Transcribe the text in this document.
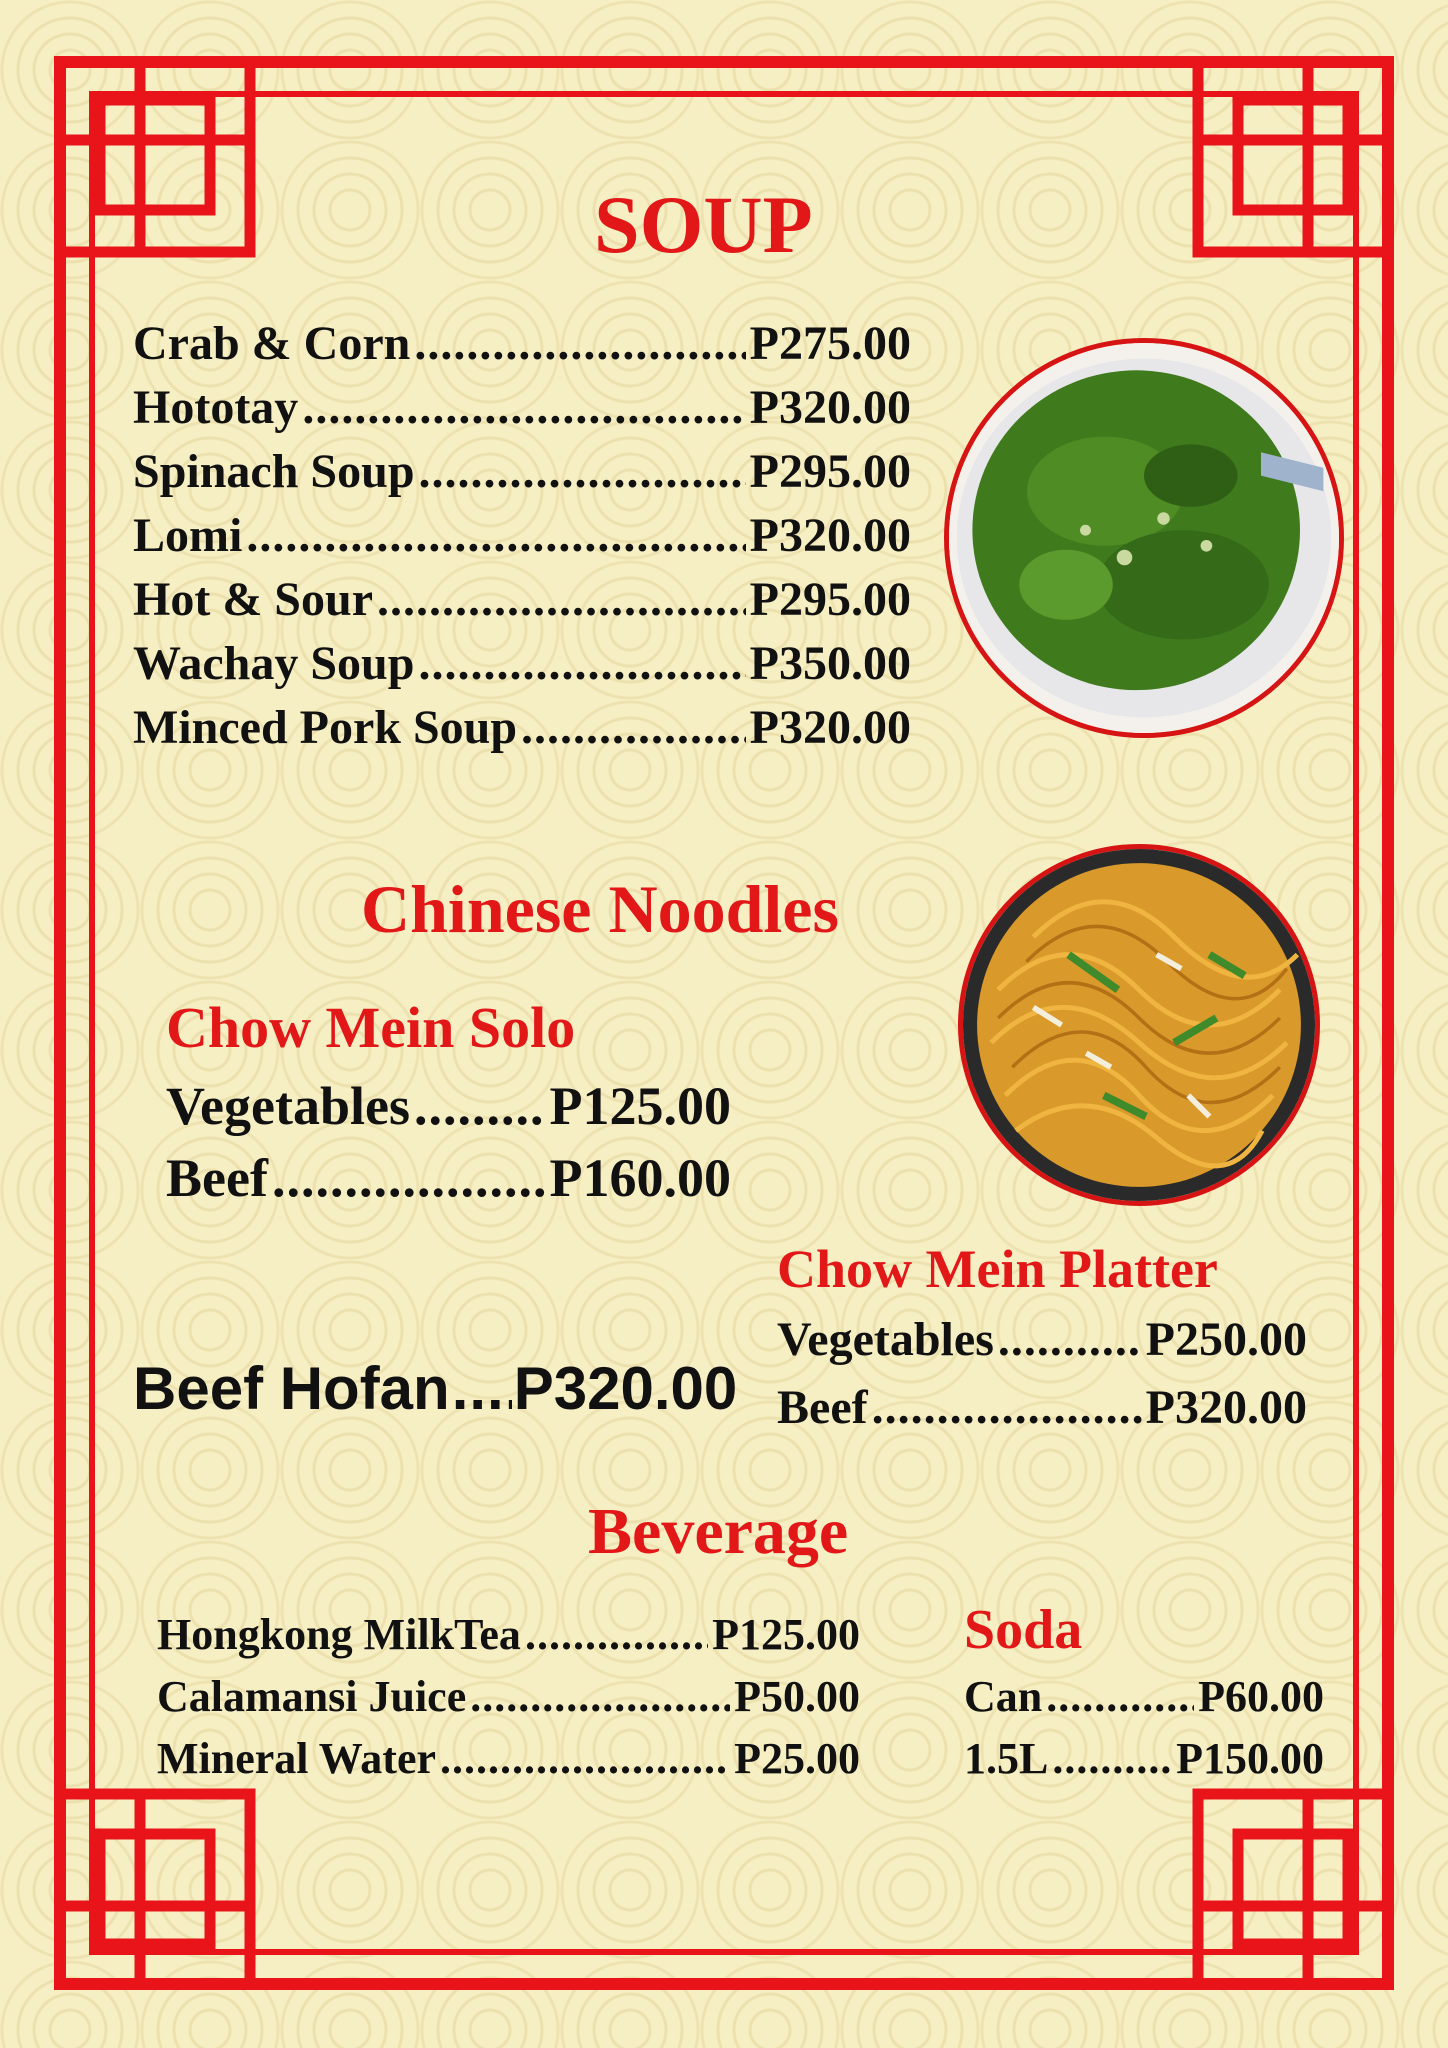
SOUP
Crab & Corn .....	P275.00
Hototay .....	P320.00
Spinach Soup .....	P295.00
Lomi .....	P320.00
Hot & Sour .....	P295.00
Wachay Soup .....	P350.00
Minced Pork Soup .....	P320.00
Chinese Noodles
Chow Mein Solo
Vegetables .....	P125.00
Beef .....	P160.00
Chow Mein Platter
Vegetables .....	P250.00
Beef .....	P320.00
Beef Hofan ..... P320.00
Beverage
Hongkong MilkTea .....	P125.00
Calamansi Juice .....	P50.00
Mineral Water .....	P25.00
Soda
Can .....	P60.00
1.5L .....	P150.00
